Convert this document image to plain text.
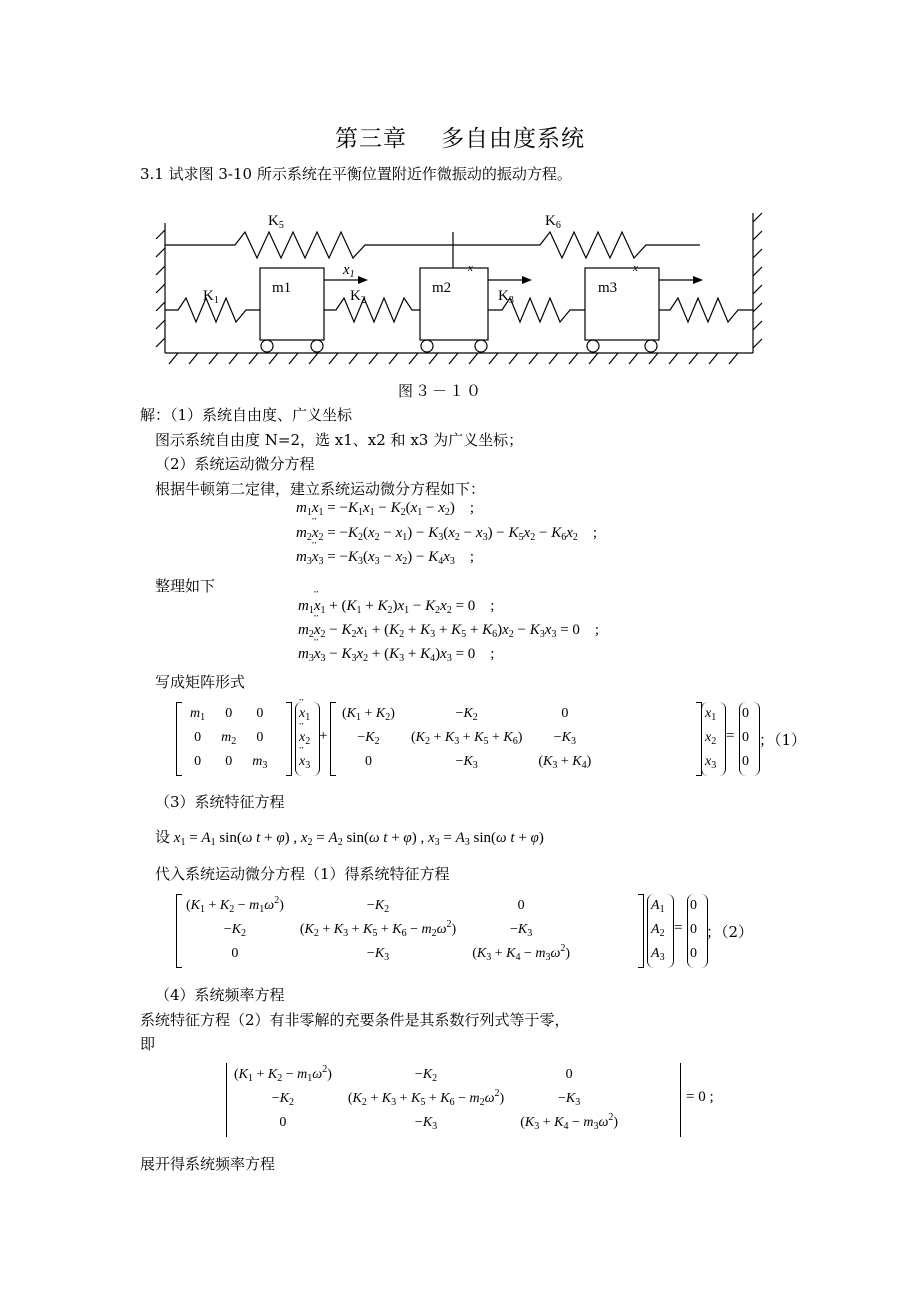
第三章 多自由度系统
3.1 试求图 3-10 所示系统在平衡位置附近作微振动的振动方程。
$K_1$	$K_2$	$K_3$
$K_5$	$K_6$
m1	m2	m3
$x_1$
x	x
图３－１０
解：（1）系统自由度、广义坐标
图示系统自由度 N=2，选 x1、x2 和 x3 为广义坐标；
（2）系统运动微分方程
根据牛顿第二定律，建立系统运动微分方程如下：
$m_1¨$ $x_1 = -K_1x_1 - K_2(x_1 - x_2)$    ;
$m_2¨$ $x_2 = -K_2(x_2 - x_1) - K_3(x_2 - x_3) - K_5x_2 - K_6x_2$    ;
$m_3¨$ $x_3 = -K_3(x_3 - x_2) - K_4x_3$    ;
整理如下
$m_1¨$ $x_1 + (K_1 + K_2)x_1 - K_2x_2 = 0$    ;
$m_2¨$ $x_2 - K_2x_1 + (K_2 + K_3 + K_5 + K_6)x_2 - K_3x_3 = 0$    ;
$m_3¨$ $x_3 - K_3x_2 + (K_3 + K_4)x_3 = 0$    ;
写成矩阵形式
$m_1$	0	0
0	$m_2$	0
0	0	$m_3$
¨ $x_1$
¨ $x_2$
¨ $x_3$
+
$(K_1 + K_2)$	$-K_2$	0
$-K_2$	$(K_2 + K_3 + K_5 + K_6)$	$-K_3$
0	$-K_3$	$(K_3 + K_4)$
$x_1$
$x_2$
$x_3$
=
0
0
0
；（1）
（3）系统特征方程
设 $x_1 = A_1$ sin(ω t + φ) , $x_2 = A_2$ sin(ω t + φ) , $x_3 = A_3$ sin(ω t + φ)
代入系统运动微分方程（1）得系统特征方程
$(K_1 + K_2 - m_1\omega^2)$	$-K_2$	0
$-K_2$	$(K_2 + K_3 + K_5 + K_6 - m_2\omega^2)$	$-K_3$
0	$-K_3$	$(K_3 + K_4 - m_3\omega^2)$
$A_1$
$A_2$
$A_3$
=
0
0
0
；（2）
（4）系统频率方程
系统特征方程（2）有非零解的充要条件是其系数行列式等于零，
即
$(K_1 + K_2 - m_1\omega^2)$	$-K_2$	0
$-K_2$	$(K_2 + K_3 + K_5 + K_6 - m_2\omega^2)$	$-K_3$
0	$-K_3$	$(K_3 + K_4 - m_3\omega^2)$
= 0 ;
展开得系统频率方程
